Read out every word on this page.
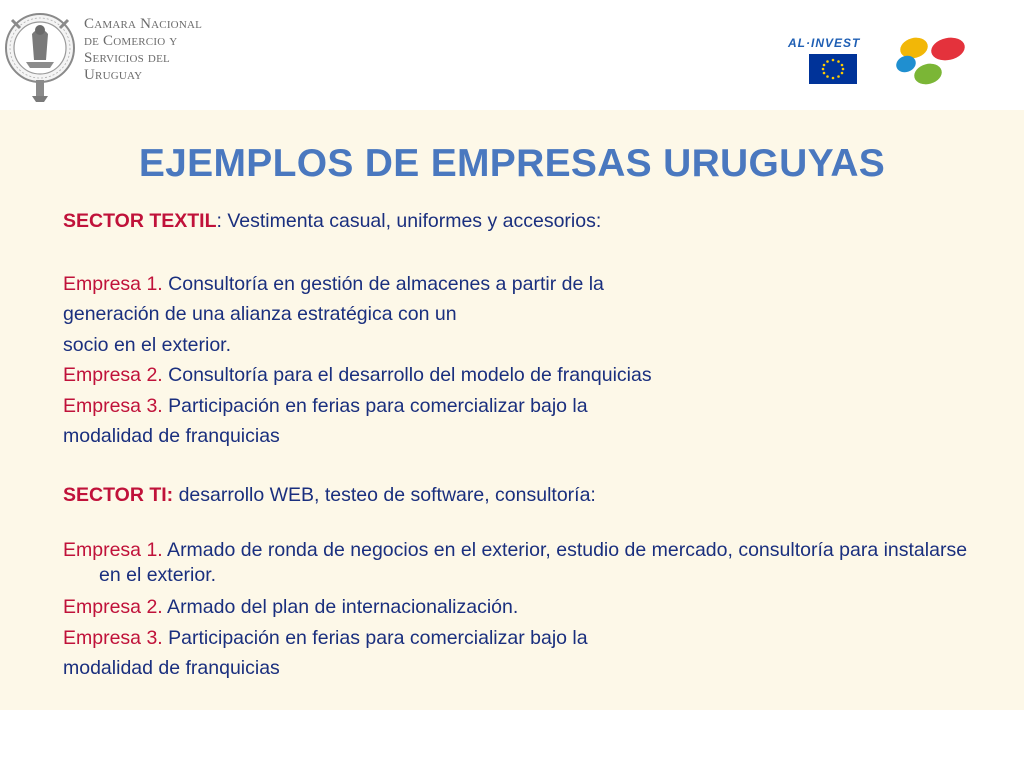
Camara Nacional
de Comercio y
Servicios del
Uruguay
AL·INVEST
EJEMPLOS DE EMPRESAS URUGUYAS
SECTOR TEXTIL: Vestimenta casual, uniformes y accesorios:
Empresa 1. Consultoría en gestión de almacenes a partir de la
generación de una alianza estratégica con un
socio en el exterior.
Empresa 2. Consultoría para el desarrollo del modelo de franquicias
Empresa 3. Participación en ferias para comercializar bajo la
modalidad de franquicias
SECTOR TI: desarrollo WEB, testeo de software, consultoría:
Empresa 1. Armado de ronda de negocios en el exterior, estudio de mercado, consultoría para instalarse en el exterior.
Empresa 2. Armado del plan de internacionalización.
Empresa 3. Participación en ferias para comercializar bajo la
modalidad de franquicias
